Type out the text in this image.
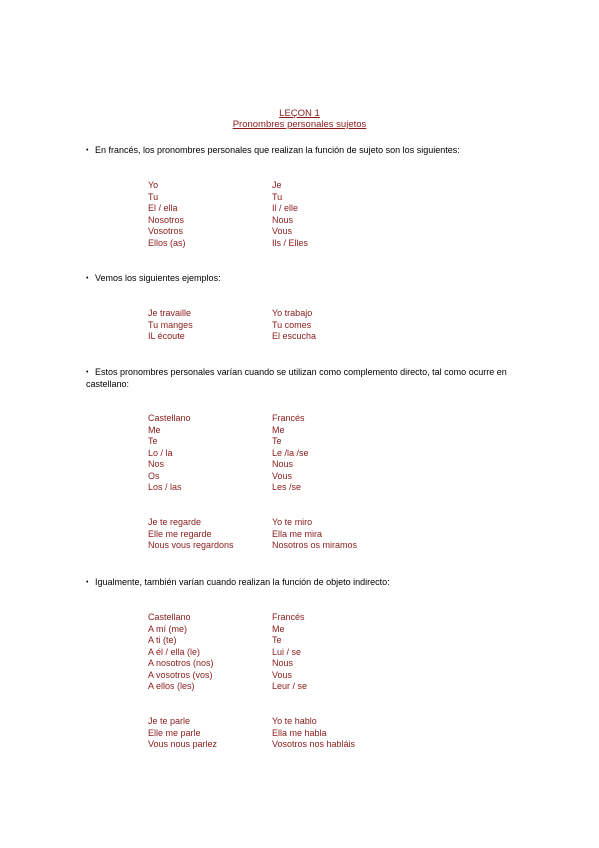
LEÇON 1
Pronombres personales sujetos
• En francés, los pronombres personales que realizan la función de sujeto son los siguientes:
Yo
Tu
El / ella
Nosotros
Vosotros
Ellos (as)
Je
Tu
Il / elle
Nous
Vous
Ils / Elles
• Vemos los siguientes ejemplos:
Je travaille
Tu manges
IL écoute
Yo trabajo
Tu comes
El escucha
• Estos pronombres personales varían cuando se utilizan como complemento directo, tal como ocurre en castellano:
Castellano
Me
Te
Lo / la
Nos
Os
Los / las
Francés
Me
Te
Le /la /se
Nous
Vous
Les /se
Je te regarde
Elle me regarde
Nous vous regardons
Yo te miro
Ella me mira
Nosotros os miramos
• Igualmente, también varían cuando realizan la función de objeto indirecto:
Castellano
A mí (me)
A ti (te)
A él / ella (le)
A nosotros (nos)
A vosotros (vos)
A ellos (les)
Francés
Me
Te
Lui / se
Nous
Vous
Leur / se
Je te parle
Elle me parle
Vous nous parlez
Yo te hablo
Ella me habla
Vosotros nos habláis
